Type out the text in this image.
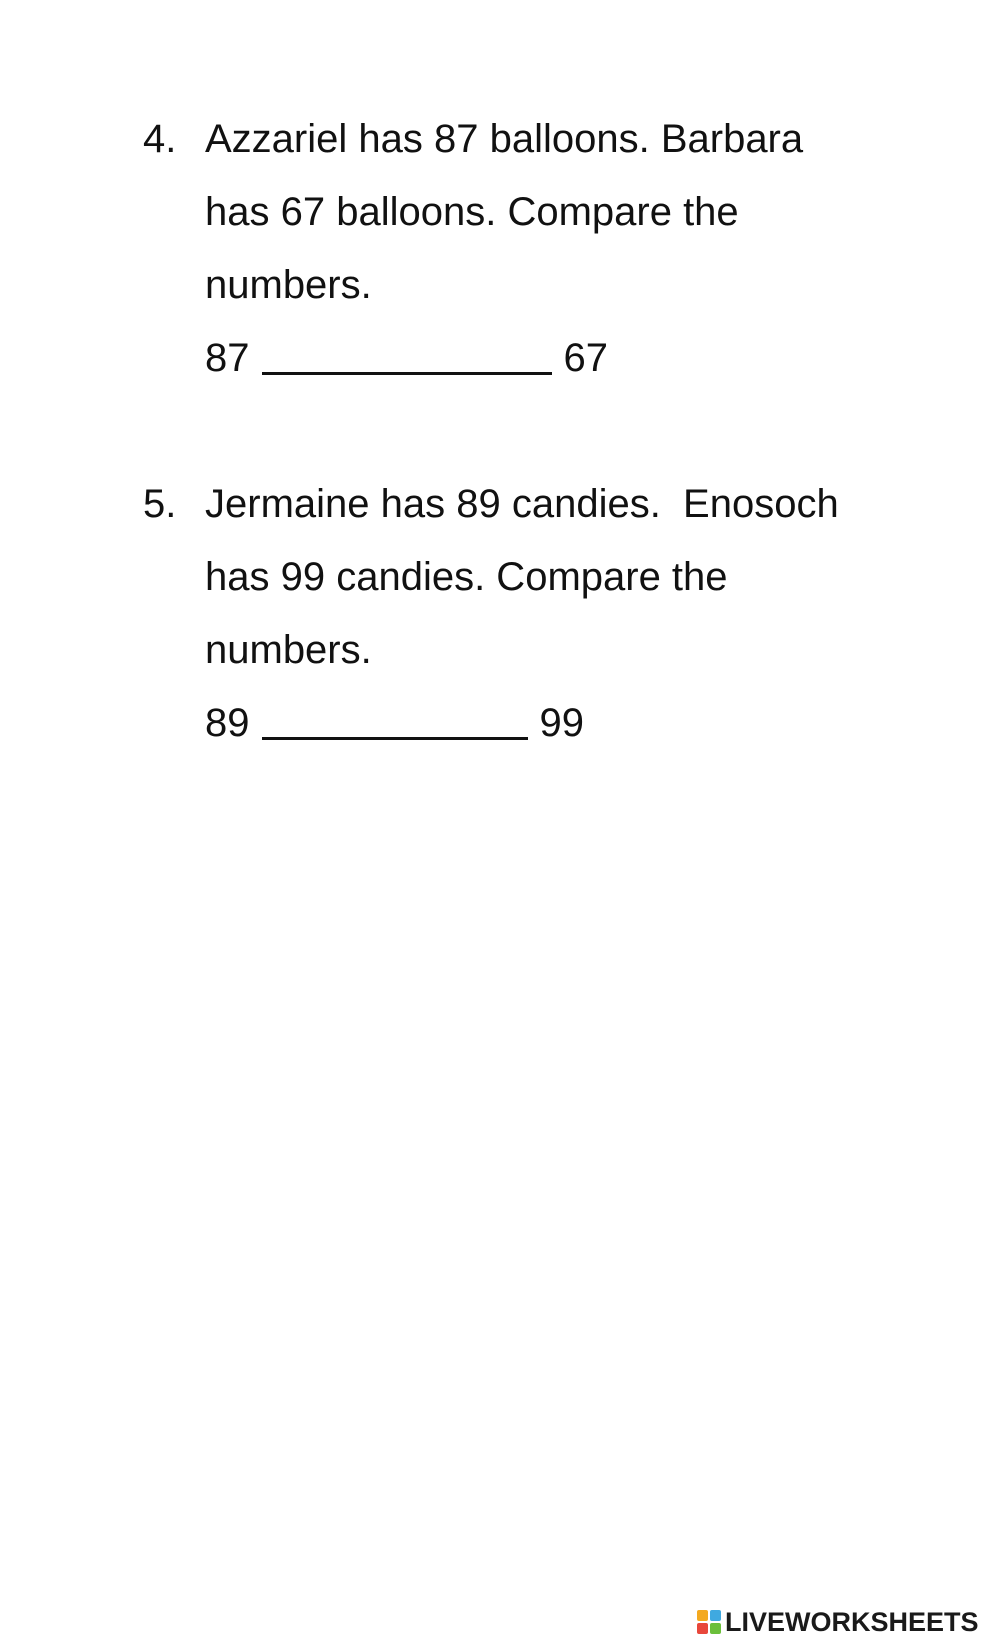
4. Azzariel has 87 balloons. Barbara
has 67 balloons. Compare the
numbers.
87	67
5. Jermaine has 89 candies.  Enosoch
has 99 candies. Compare the
numbers.
89	99
LIVEWORKSHEETS
